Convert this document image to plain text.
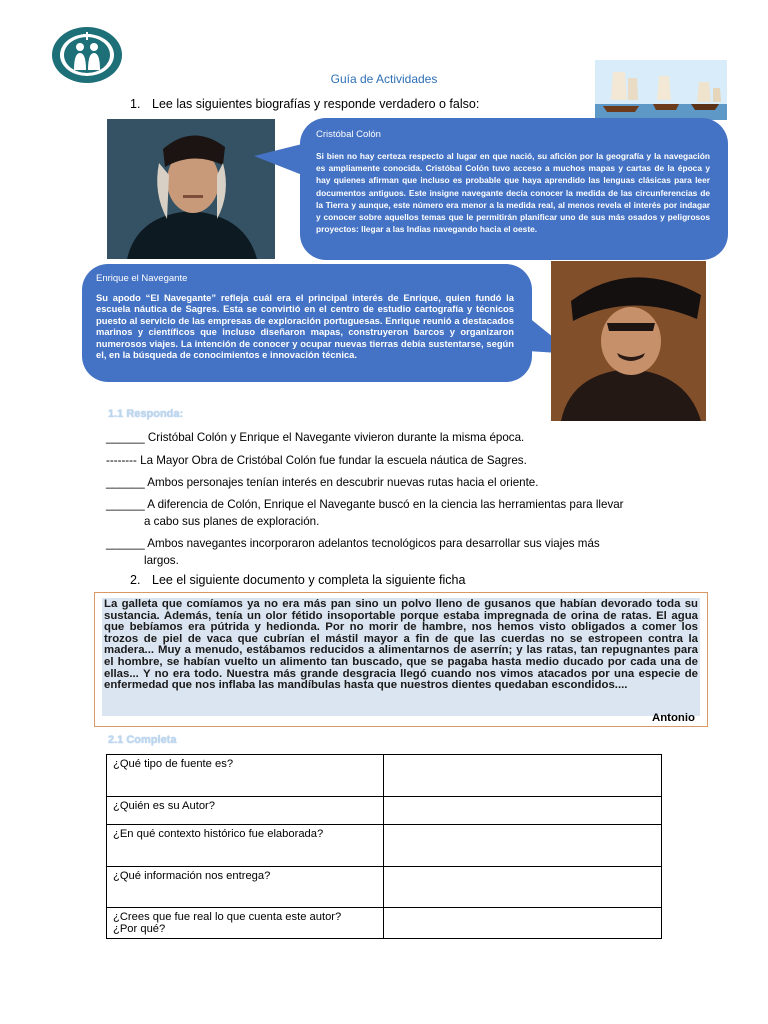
Guía de Actividades
1. Lee las siguientes biografías y responde verdadero o falso:
Cristóbal Colón
Si bien no hay certeza respecto al lugar en que nació, su afición por la geografía y la navegación es ampliamente conocida. Cristóbal Colón tuvo acceso a muchos mapas y cartas de la época y hay quienes afirman que incluso es probable que haya aprendido las lenguas clásicas para leer documentos antiguos. Este insigne navegante decía conocer la medida de las circunferencias de la Tierra y aunque, este número era menor a la medida real, al menos revela el interés por indagar y conocer sobre aquellos temas que le permitirán planificar uno de sus más osados y peligrosos proyectos: llegar a las Indias navegando hacia el oeste.
Enrique el Navegante
Su apodo “El Navegante” refleja cuál era el principal interés de Enrique, quien fundó la escuela náutica de Sagres. Esta se convirtió en el centro de estudio cartografía y técnicos puesto al servicio de las empresas de exploración portuguesas. Enrique reunió a destacados marinos y científicos que incluso diseñaron mapas, construyeron barcos y organizaron numerosos viajes. La intención de conocer y ocupar nuevas tierras debía sustentarse, según el, en la búsqueda de conocimientos e innovación técnica.
1.1 Responda:
______ Cristóbal Colón y Enrique el Navegante vivieron durante la misma época.
-------- La Mayor Obra de Cristóbal Colón fue fundar la escuela náutica de Sagres.
______ Ambos personajes tenían interés en descubrir nuevas rutas hacia el oriente.
______ A diferencia de Colón, Enrique el Navegante buscó en la ciencia las herramientas para llevar
a cabo sus planes de exploración.
______ Ambos navegantes incorporaron adelantos tecnológicos para desarrollar sus viajes más
largos.
2. Lee el siguiente documento y completa la siguiente ficha
La galleta que comíamos ya no era más pan sino un polvo lleno de gusanos que habían devorado toda su sustancia. Además, tenía un olor fétido insoportable porque estaba impregnada de orina de ratas. El agua que bebíamos era pútrida y hedionda. Por no morir de hambre, nos hemos visto obligados a comer los trozos de piel de vaca que cubrían el mástil mayor a fin de que las cuerdas no se estropeen contra la madera... Muy a menudo, estábamos reducidos a alimentarnos de aserrín; y las ratas, tan repugnantes para el hombre, se habían vuelto un alimento tan buscado, que se pagaba hasta medio ducado por cada una de ellas... Y no era todo. Nuestra más grande desgracia llegó cuando nos vimos atacados por una especie de enfermedad que nos inflaba las mandíbulas hasta que nuestros dientes quedaban escondidos....
Antonio
2.1 Completa
¿Qué tipo de fuente es?	
¿Quién es su Autor?	
¿En qué contexto histórico fue elaborada?	
¿Qué información nos entrega?	
¿Crees que fue real lo que cuenta este autor?
¿Por qué?	
